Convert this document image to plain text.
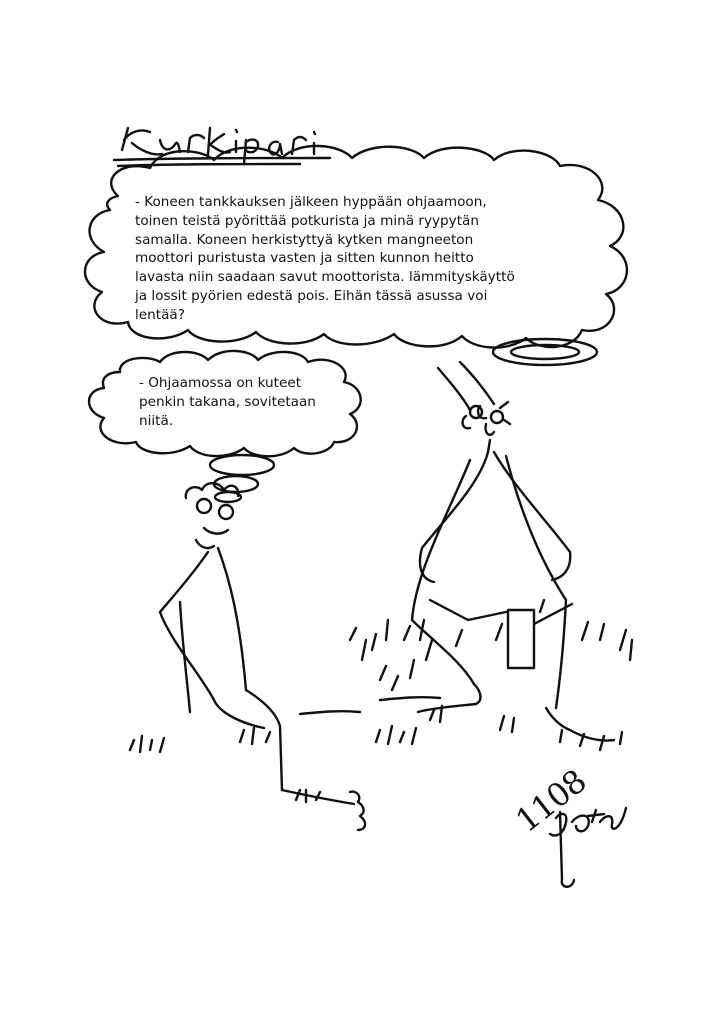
- Koneen tankkauksen jälkeen hyppään ohjaamoon,
toinen teistä pyörittää potkurista ja minä ryypytän
samalla. Koneen herkistyttyä kytken mangneeton
moottori puristusta vasten ja sitten kunnon heitto
lavasta niin saadaan savut moottorista. lämmityskäyttö
ja lossit pyörien edestä pois. Eihän tässä asussa voi
lentää?
- Ohjaamossa on kuteet
penkin takana, sovitetaan
niitä.
1108
